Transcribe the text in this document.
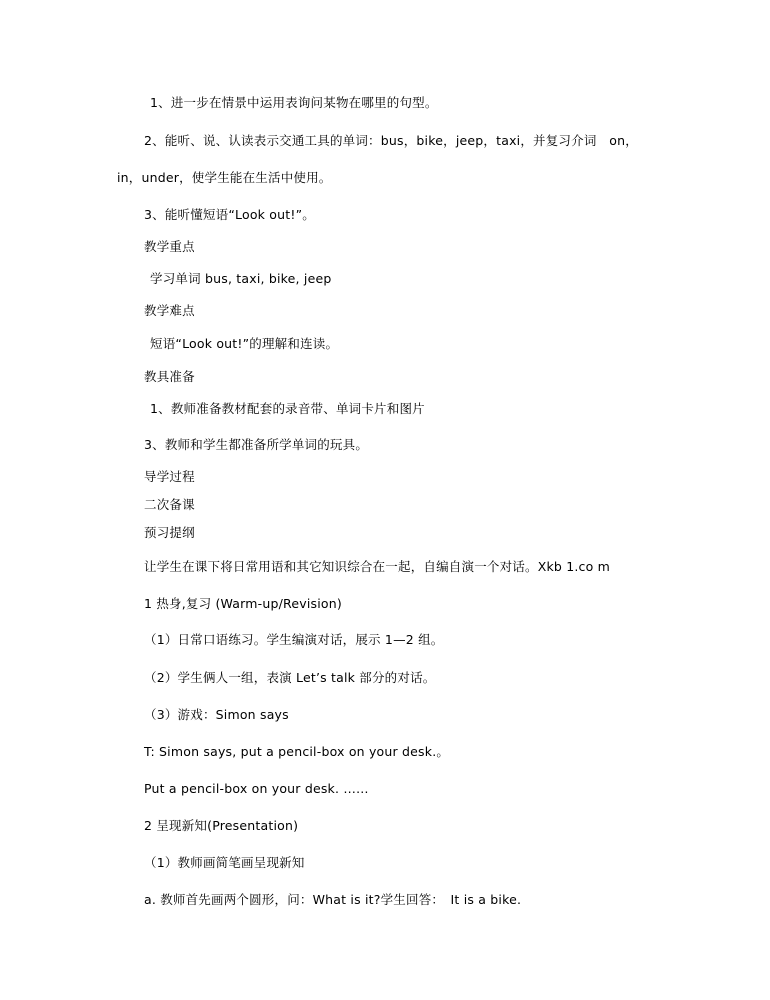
1、进一步在情景中运用表询问某物在哪里的句型。
2、能听、说、认读表示交通工具的单词：bus，bike，jeep，taxi，并复习介词　on，
in，under，使学生能在生活中使用。
3、能听懂短语“Look out!”。
教学重点
学习单词 bus, taxi, bike, jeep
教学难点
短语“Look out!”的理解和连读。
教具准备
1、教师准备教材配套的录音带、单词卡片和图片
3、教师和学生都准备所学单词的玩具。
导学过程
二次备课
预习提纲
让学生在课下将日常用语和其它知识综合在一起，自编自演一个对话。Xkb 1.co m
1 热身,复习 (Warm-up/Revision)
（1）日常口语练习。学生编演对话，展示 1—2 组。
（2）学生俩人一组，表演 Let’s talk 部分的对话。
（3）游戏：Simon says
T: Simon says, put a pencil-box on your desk.。
Put a pencil-box on your desk. ……
2 呈现新知(Presentation)
（1）教师画简笔画呈现新知
a. 教师首先画两个圆形，问：What is it?学生回答：　It is a bike.
